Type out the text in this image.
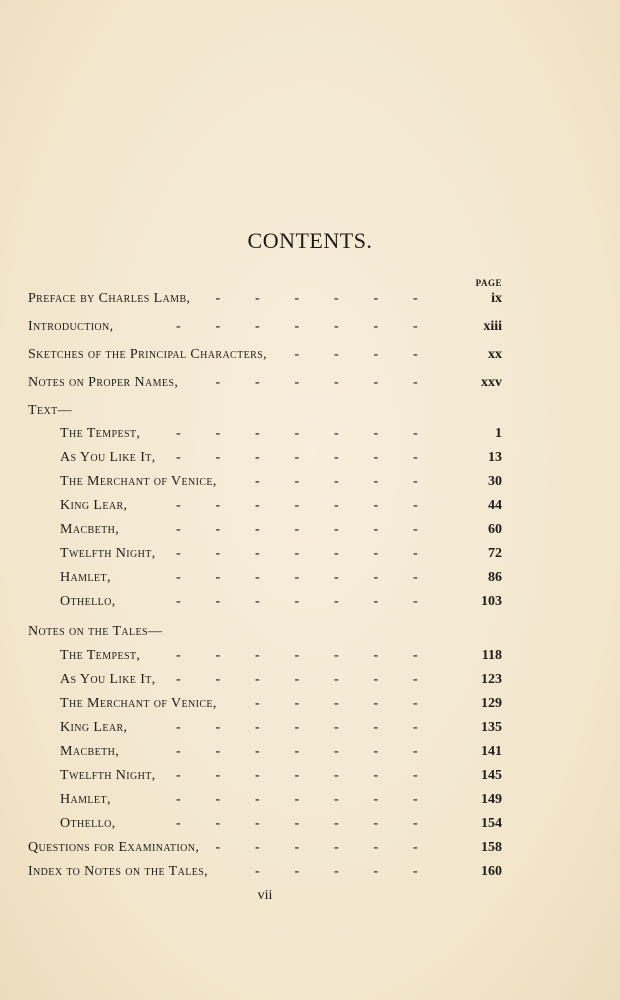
CONTENTS.
PAGE
Preface by Charles Lamb,	ix
- - - - - -
Introduction,	xiii
- - - - - - -
Sketches of the Principal Characters,	xx
- - - -
Notes on Proper Names,	xxv
- - - - - -
Text—
The Tempest,	1
- - - - - - -
As You Like It,	13
- - - - - - -
The Merchant of Venice,	30
- - - - -
King Lear,	44
- - - - - - -
Macbeth,	60
- - - - - - -
Twelfth Night,	72
- - - - - - -
Hamlet,	86
- - - - - - -
Othello,	103
- - - - - - -
Notes on the Tales—
The Tempest,	118
- - - - - - -
As You Like It,	123
- - - - - - -
The Merchant of Venice,	129
- - - - -
King Lear,	135
- - - - - - -
Macbeth,	141
- - - - - - -
Twelfth Night,	145
- - - - - - -
Hamlet,	149
- - - - - - -
Othello,	154
- - - - - - -
Questions for Examination,	158
- - - - - -
Index to Notes on the Tales,	160
- - - - -
vii
